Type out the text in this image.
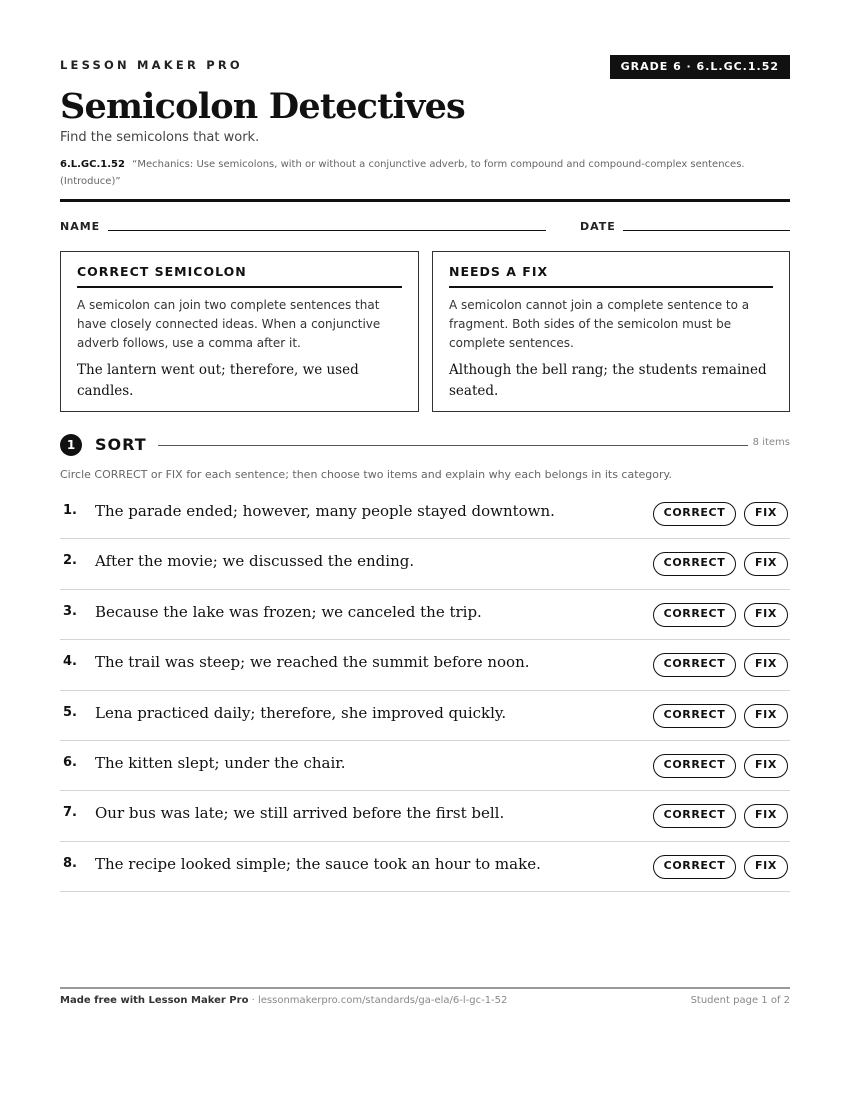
LESSON MAKER PRO	GRADE 6 · 6.L.GC.1.52
Semicolon Detectives
Find the semicolons that work.
6.L.GC.1.52 “Mechanics: Use semicolons, with or without a conjunctive adverb, to form compound and compound-complex sentences. (Introduce)”
NAME	DATE
CORRECT SEMICOLON
A semicolon can join two complete sentences that have closely connected ideas. When a conjunctive adverb follows, use a comma after it.
The lantern went out; therefore, we used candles.
NEEDS A FIX
A semicolon cannot join a complete sentence to a fragment. Both sides of the semicolon must be complete sentences.
Although the bell rang; the students remained seated.
1	SORT	8 items
Circle CORRECT or FIX for each sentence; then choose two items and explain why each belongs in its category.
1. The parade ended; however, many people stayed downtown.	CORRECT	FIX
2. After the movie; we discussed the ending.	CORRECT	FIX
3. Because the lake was frozen; we canceled the trip.	CORRECT	FIX
4. The trail was steep; we reached the summit before noon.	CORRECT	FIX
5. Lena practiced daily; therefore, she improved quickly.	CORRECT	FIX
6. The kitten slept; under the chair.	CORRECT	FIX
7. Our bus was late; we still arrived before the first bell.	CORRECT	FIX
8. The recipe looked simple; the sauce took an hour to make.	CORRECT	FIX
Made free with Lesson Maker Pro · lessonmakerpro.com/standards/ga-ela/6-l-gc-1-52	Student page 1 of 2
